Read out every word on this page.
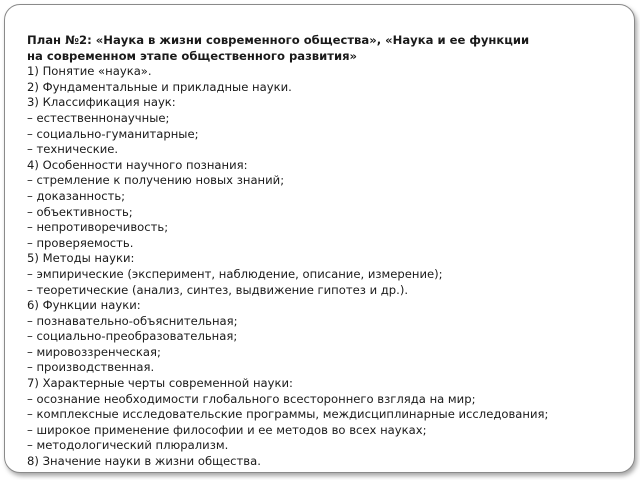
План №2: «Наука в жизни современного общества», «Наука и ее функции
на современном этапе общественного развития»

1) Понятие «наука».

2) Фундаментальные и прикладные науки.

3) Классификация наук:

– естественнонаучные;

– социально-гуманитарные;

– технические.

4) Особенности научного познания:

– стремление к получению новых знаний;

– доказанность;

– объективность;

– непротиворечивость;

– проверяемость.

5) Методы науки:

– эмпирические (эксперимент, наблюдение, описание, измерение);

– теоретические (анализ, синтез, выдвижение гипотез и др.).

6) Функции науки:

– познавательно-объяснительная;

– социально-преобразовательная;

– мировоззренческая;

– производственная.

7) Характерные черты современной науки:

– осознание необходимости глобального всестороннего взгляда на мир;

– комплексные исследовательские программы, междисциплинарные исследования;

– широкое применение философии и ее методов во всех науках;

– методологический плюрализм.

8) Значение науки в жизни общества.
